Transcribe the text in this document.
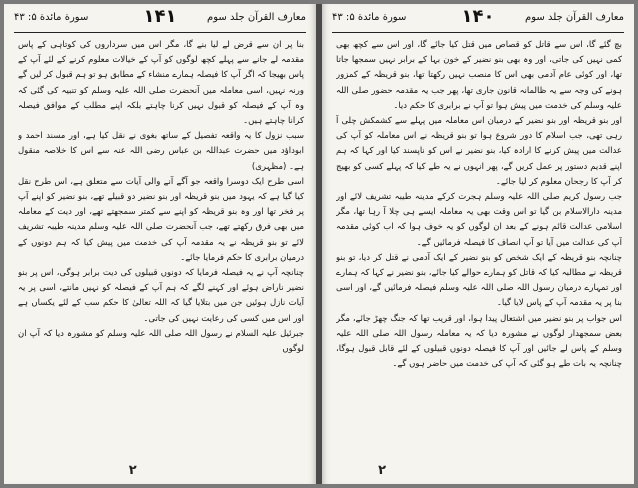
سورة مائدة ۵: ۴۳	۱۴۱	معارف القرآن جلد سوم

بنا پر ان سے قرض لے لیا بنے گا، مگر اس میں سرداروں کی کوتاہی کے پاس مقدمہ لے جانے سے پہلے کچھ لوگوں کو آپ کے خیالات معلوم کرنے کے لئے آپ کے پاس بھیجا کہ اگر آپ کا فیصلہ ہمارے منشاء کے مطابق ہو تو ہم قبول کر لیں گے ورنہ نہیں، اسی معاملہ میں آنحضرت صلی اللہ علیہ وسلم کو تنبیہ کی گئی کہ وہ آپ کے فیصلہ کو قبول نہیں کرنا چاہتے بلکہ اپنے مطلب کے موافق فیصلہ کرانا چاہتے ہیں۔

سبب نزول کا یہ واقعہ تفصیل کے ساتھ بغوی نے نقل کیا ہے، اور مسند احمد و ابوداؤد میں حضرت عبداللہ بن عباس رضی اللہ عنہ سے اس کا خلاصہ منقول ہے۔ (مظہری)

اسی طرح ایک دوسرا واقعہ جو آگے آنے والی آیات سے متعلق ہے، اس طرح نقل کیا گیا ہے کہ یہود میں بنو قریظہ اور بنو نضیر دو قبیلے تھے، بنو نضیر کو اپنے آپ پر فخر تھا اور وہ بنو قریظہ کو اپنے سے کمتر سمجھتے تھے، اور دیت کے معاملہ میں بھی فرق رکھتے تھے، جب آنحضرت صلی اللہ علیہ وسلم مدینہ طیبہ تشریف لائے تو بنو قریظہ نے یہ مقدمہ آپ کی خدمت میں پیش کیا کہ ہم دونوں کے درمیان برابری کا حکم فرمایا جائے۔

چنانچہ آپ نے یہ فیصلہ فرمایا کہ دونوں قبیلوں کی دیت برابر ہوگی، اس پر بنو نضیر ناراض ہوئے اور کہنے لگے کہ ہم آپ کے فیصلہ کو نہیں مانتے، اسی پر یہ آیات نازل ہوئیں جن میں بتلایا گیا کہ اللہ تعالیٰ کا حکم سب کے لئے یکساں ہے اور اس میں کسی کی رعایت نہیں کی جاتی۔

جبرئیل علیہ السلام نے رسول اللہ صلی اللہ علیہ وسلم کو مشورہ دیا کہ آپ ان لوگوں

۲
سورة مائدة ۵: ۴۳	۱۴۰	معارف القرآن جلد سوم

بچ گئے گا، اس سے قاتل کو قصاص میں قتل کیا جائے گا، اور اس سے کچھ بھی کمی نہیں کی جاتی، اور وہ بھی بنو نضیر کے خون بہا کے برابر نہیں سمجھا جاتا تھا، اور کوئی عام آدمی بھی اس کا منصب نہیں رکھتا تھا، بنو قریظہ کے کمزور ہونے کی وجہ سے یہ ظالمانہ قانون جاری تھا، پھر جب یہ مقدمہ حضور صلی اللہ علیہ وسلم کی خدمت میں پیش ہوا تو آپ نے برابری کا حکم دیا۔

اور بنو قریظہ اور بنو نضیر کے درمیان اس معاملہ میں پہلے سے کشمکش چلی آ رہی تھی، جب اسلام کا دور شروع ہوا تو بنو قریظہ نے اس معاملہ کو آپ کی عدالت میں پیش کرنے کا ارادہ کیا، بنو نضیر نے اس کو ناپسند کیا اور کہا کہ ہم اپنے قدیم دستور پر عمل کریں گے، پھر انہوں نے یہ طے کیا کہ پہلے کسی کو بھیج کر آپ کا رجحان معلوم کر لیا جائے۔

جب رسول کریم صلی اللہ علیہ وسلم ہجرت کرکے مدینہ طیبہ تشریف لائے اور مدینہ دارالاسلام بن گیا تو اس وقت بھی یہ معاملہ ایسے ہی چلا آ رہا تھا، مگر اسلامی عدالت قائم ہونے کے بعد ان لوگوں کو یہ خوف ہوا کہ اب کوئی مقدمہ آپ کی عدالت میں آیا تو آپ انصاف کا فیصلہ فرمائیں گے۔

چنانچہ بنو قریظہ کے ایک شخص کو بنو نضیر کے ایک آدمی نے قتل کر دیا، تو بنو قریظہ نے مطالبہ کیا کہ قاتل کو ہمارے حوالے کیا جائے، بنو نضیر نے کہا کہ ہمارے اور تمہارے درمیان رسول اللہ صلی اللہ علیہ وسلم فیصلہ فرمائیں گے، اور اسی بنا پر یہ مقدمہ آپ کے پاس لایا گیا۔

اس جواب پر بنو نضیر میں اشتعال پیدا ہوا، اور قریب تھا کہ جنگ چھڑ جائے، مگر بعض سمجھدار لوگوں نے مشورہ دیا کہ یہ معاملہ رسول اللہ صلی اللہ علیہ وسلم کے پاس لے جائیں اور آپ کا فیصلہ دونوں قبیلوں کے لئے قابل قبول ہوگا، چنانچہ یہ بات طے ہو گئی کہ آپ کی خدمت میں حاضر ہوں گے۔

۲
